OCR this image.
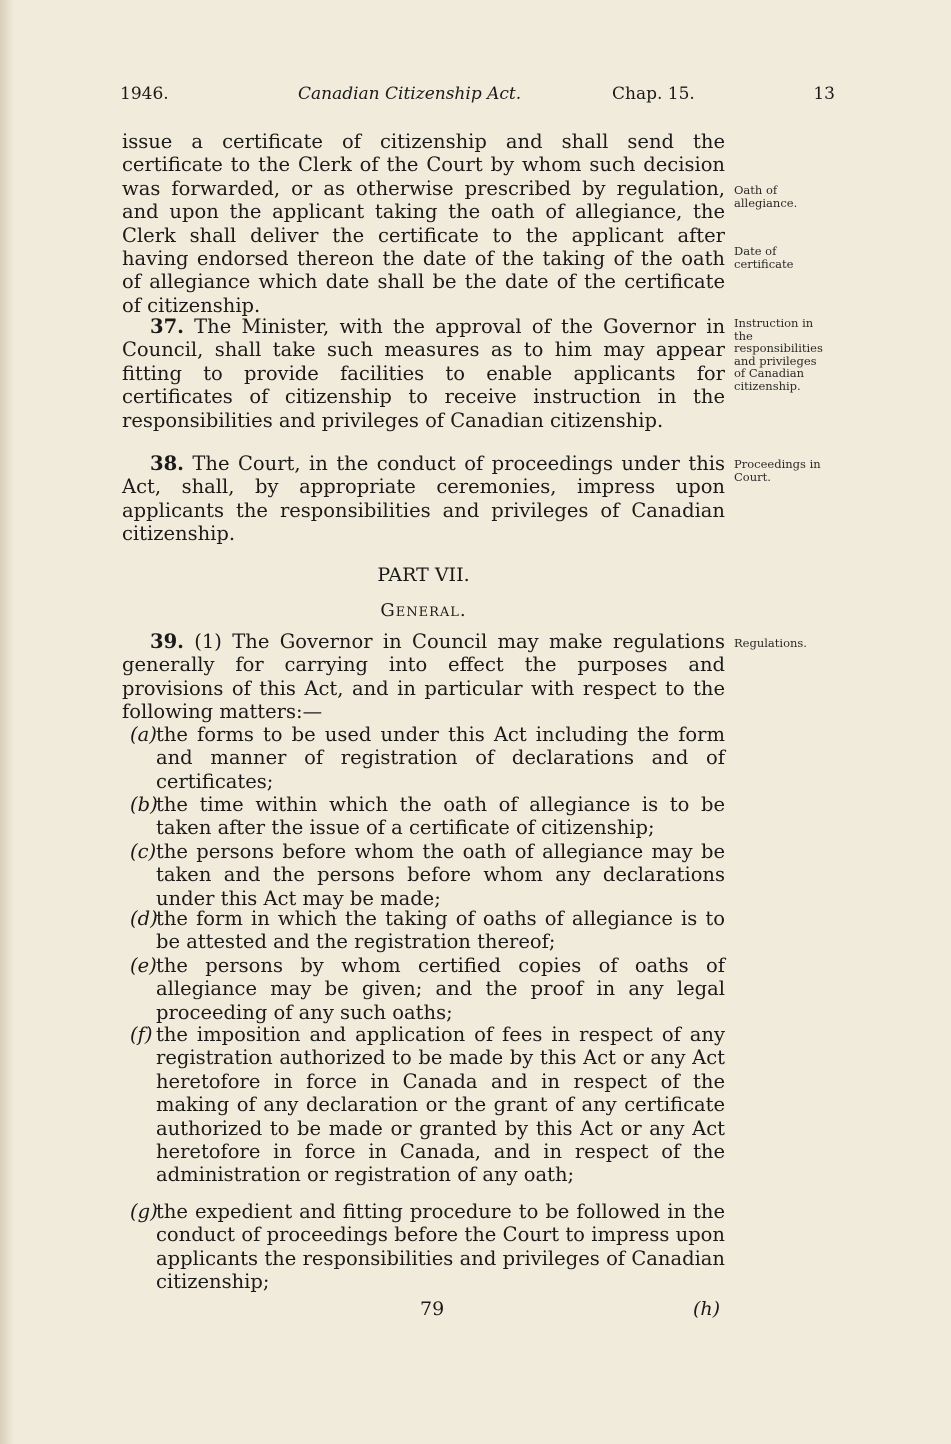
1946.	Canadian Citizenship Act.	Chap. 15.	13

issue a certificate of citizenship and shall send the certificate to the Clerk of the Court by whom such decision was forwarded, or as otherwise prescribed by regulation, and upon the applicant taking the oath of allegiance, the Clerk shall deliver the certificate to the applicant after having endorsed thereon the date of the taking of the oath of allegiance which date shall be the date of the certificate of citizenship.

Oath of allegiance.
Date of certificate

37. The Minister, with the approval of the Governor in Council, shall take such measures as to him may appear fitting to provide facilities to enable applicants for certificates of citizenship to receive instruction in the responsibilities and privileges of Canadian citizenship.

Instruction in the responsibilities and privileges of Canadian citizenship.

38. The Court, in the conduct of proceedings under this Act, shall, by appropriate ceremonies, impress upon applicants the responsibilities and privileges of Canadian citizenship.

Proceedings in Court.
PART VII.
General.

39. (1) The Governor in Council may make regulations generally for carrying into effect the purposes and provisions of this Act, and in particular with respect to the following matters:—

Regulations.
(a) the forms to be used under this Act including the form and manner of registration of declarations and of certificates;
(b)
the time within which the oath of allegiance is to be taken after the issue of a certificate of citizenship;
(c) the persons before whom the oath of allegiance may be taken and the persons before whom any declarations under this Act may be made;
(d)
the form in which the taking of oaths of allegiance is to be attested and the registration thereof;
(e) the persons by whom certified copies of oaths of allegiance may be given; and the proof in any legal proceeding of any such oaths;
(f) the imposition and application of fees in respect of any registration authorized to be made by this Act or any Act heretofore in force in Canada and in respect of the making of any declaration or the grant of any certificate authorized to be made or granted by this Act or any Act heretofore in force in Canada, and in respect of the administration or registration of any oath;
(g)
the expedient and fitting procedure to be followed in the conduct of proceedings before the Court to impress upon applicants the responsibilities and privileges of Canadian citizenship;
79	(h)
